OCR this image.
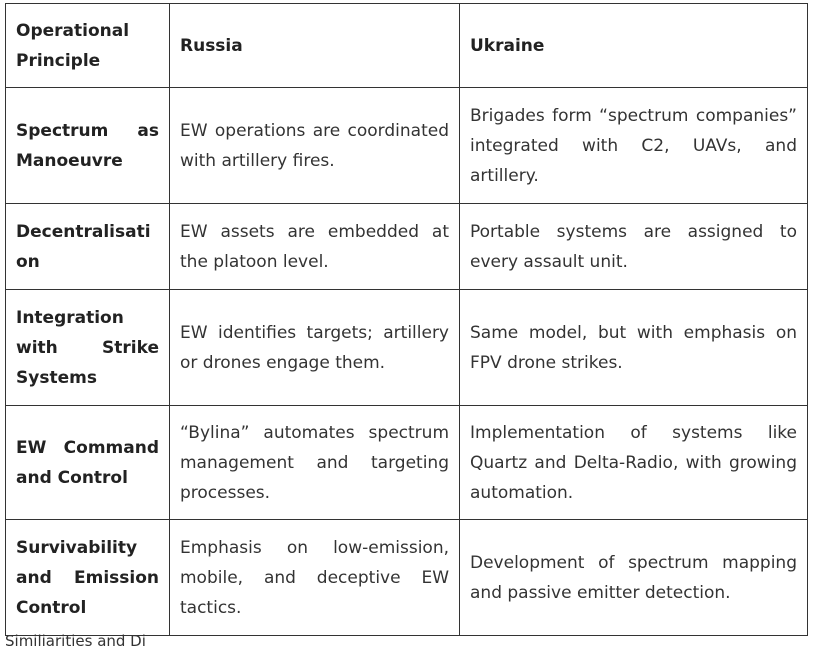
Operational Principle	Russia	Ukraine
Spectrum as Manoeuvre	EW operations are coordinated with artillery fires.	Brigades form “spectrum companies” integrated with C2, UAVs, and artillery.
Decentralisation	EW assets are embedded at the platoon level.	Portable systems are assigned to every assault unit.
Integration with Strike Systems	EW identifies targets; artillery or drones engage them.	Same model, but with emphasis on FPV drone strikes.
EW Command and Control	“Bylina” automates spectrum management and targeting processes.	Implementation of systems like Quartz and Delta-Radio, with growing automation.
Survivability and Emission Control	Emphasis on low-emission, mobile, and deceptive EW tactics.	Development of spectrum mapping and passive emitter detection.
Similiarities and Di
